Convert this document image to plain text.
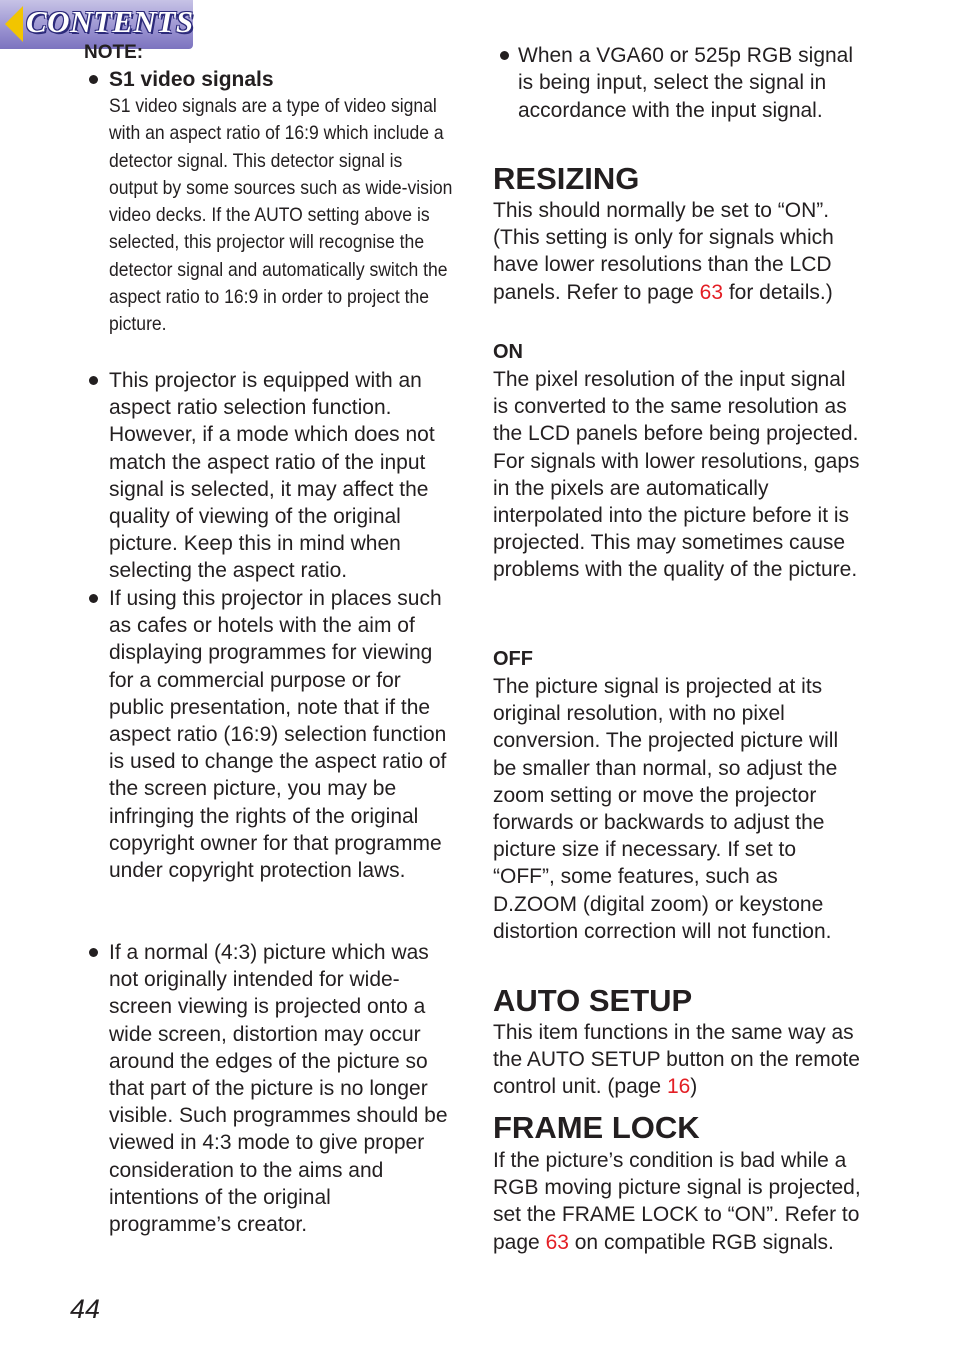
CONTENTS
NOTE:
S1 video signals
S1 video signals are a type of video signal with an aspect ratio of 16:9 which include a detector signal. This detector signal is output by some sources such as wide-vision video decks. If the AUTO setting above is selected, this projector will recognise the detector signal and automatically switch the aspect ratio to 16:9 in order to project the picture.
This projector is equipped with an aspect ratio selection function. However, if a mode which does not match the aspect ratio of the input signal is selected, it may affect the quality of viewing of the original picture. Keep this in mind when selecting the aspect ratio.
If using this projector in places such as cafes or hotels with the aim of displaying programmes for viewing for a commercial purpose or for public presentation, note that if the aspect ratio (16:9) selection function is used to change the aspect ratio of the screen picture, you may be infringing the rights of the original copyright owner for that programme under copyright protection laws.
If a normal (4:3) picture which was not originally intended for wide-screen viewing is projected onto a wide screen, distortion may occur around the edges of the picture so that part of the picture is no longer visible. Such programmes should be viewed in 4:3 mode to give proper consideration to the aims and intentions of the original programme’s creator.
When a VGA60 or 525p RGB signal is being input, select the signal in accordance with the input signal.
RESIZING
This should normally be set to “ON”. (This setting is only for signals which have lower resolutions than the LCD panels. Refer to page 63 for details.)
ON
The pixel resolution of the input signal is converted to the same resolution as the LCD panels before being projected. For signals with lower resolutions, gaps in the pixels are automatically interpolated into the picture before it is projected. This may sometimes cause problems with the quality of the picture.
OFF
The picture signal is projected at its original resolution, with no pixel conversion. The projected picture will be smaller than normal, so adjust the zoom setting or move the projector forwards or backwards to adjust the picture size if necessary. If set to “OFF”, some features, such as D.ZOOM (digital zoom) or keystone distortion correction will not function.
AUTO SETUP
This item functions in the same way as the AUTO SETUP button on the remote control unit. (page 16)
FRAME LOCK
If the picture’s condition is bad while a RGB moving picture signal is projected, set the FRAME LOCK to “ON”. Refer to page 63 on compatible RGB signals.
44
